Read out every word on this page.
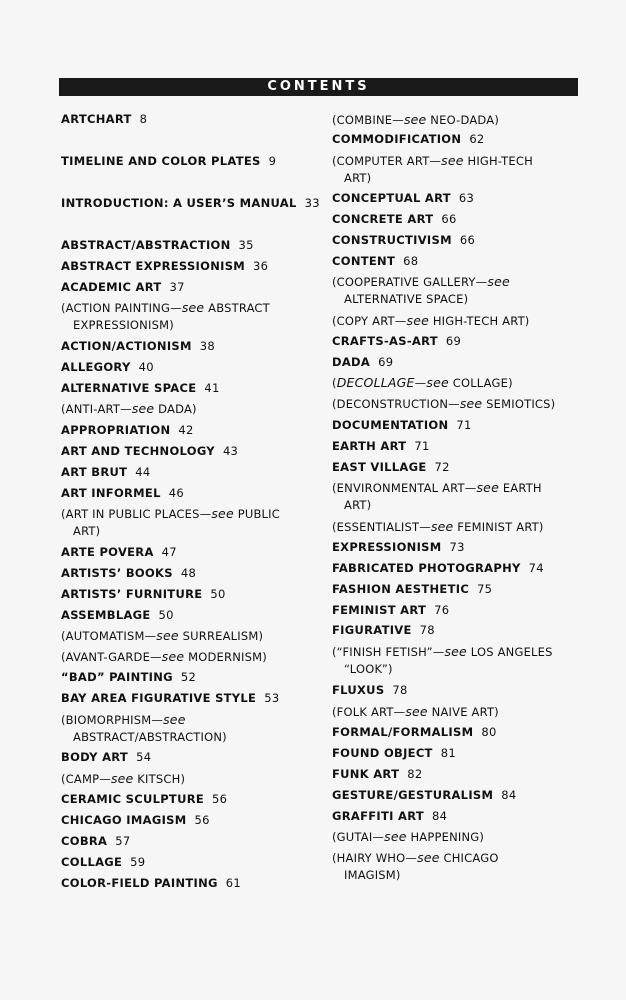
CONTENTS
ARTCHART 8
TIMELINE AND COLOR PLATES 9
INTRODUCTION: A USER’S MANUAL 33
ABSTRACT/ABSTRACTION 35
ABSTRACT EXPRESSIONISM 36
ACADEMIC ART 37
(ACTION PAINTING—see ABSTRACT
EXPRESSIONISM)
ACTION/ACTIONISM 38
ALLEGORY 40
ALTERNATIVE SPACE 41
(ANTI-ART—see DADA)
APPROPRIATION 42
ART AND TECHNOLOGY 43
ART BRUT 44
ART INFORMEL 46
(ART IN PUBLIC PLACES—see PUBLIC
ART)
ARTE POVERA 47
ARTISTS’ BOOKS 48
ARTISTS’ FURNITURE 50
ASSEMBLAGE 50
(AUTOMATISM—see SURREALISM)
(AVANT-GARDE—see MODERNISM)
“BAD” PAINTING 52
BAY AREA FIGURATIVE STYLE 53
(BIOMORPHISM—see
ABSTRACT/ABSTRACTION)
BODY ART 54
(CAMP—see KITSCH)
CERAMIC SCULPTURE 56
CHICAGO IMAGISM 56
COBRA 57
COLLAGE 59
COLOR-FIELD PAINTING 61
(COMBINE—see NEO-DADA)
COMMODIFICATION 62
(COMPUTER ART—see HIGH-TECH
ART)
CONCEPTUAL ART 63
CONCRETE ART 66
CONSTRUCTIVISM 66
CONTENT 68
(COOPERATIVE GALLERY—see
ALTERNATIVE SPACE)
(COPY ART—see HIGH-TECH ART)
CRAFTS-AS-ART 69
DADA 69
(DECOLLAGE—see COLLAGE)
(DECONSTRUCTION—see SEMIOTICS)
DOCUMENTATION 71
EARTH ART 71
EAST VILLAGE 72
(ENVIRONMENTAL ART—see EARTH
ART)
(ESSENTIALIST—see FEMINIST ART)
EXPRESSIONISM 73
FABRICATED PHOTOGRAPHY 74
FASHION AESTHETIC 75
FEMINIST ART 76
FIGURATIVE 78
(“FINISH FETISH”—see LOS ANGELES
“LOOK”)
FLUXUS 78
(FOLK ART—see NAIVE ART)
FORMAL/FORMALISM 80
FOUND OBJECT 81
FUNK ART 82
GESTURE/GESTURALISM 84
GRAFFITI ART 84
(GUTAI—see HAPPENING)
(HAIRY WHO—see CHICAGO
IMAGISM)
